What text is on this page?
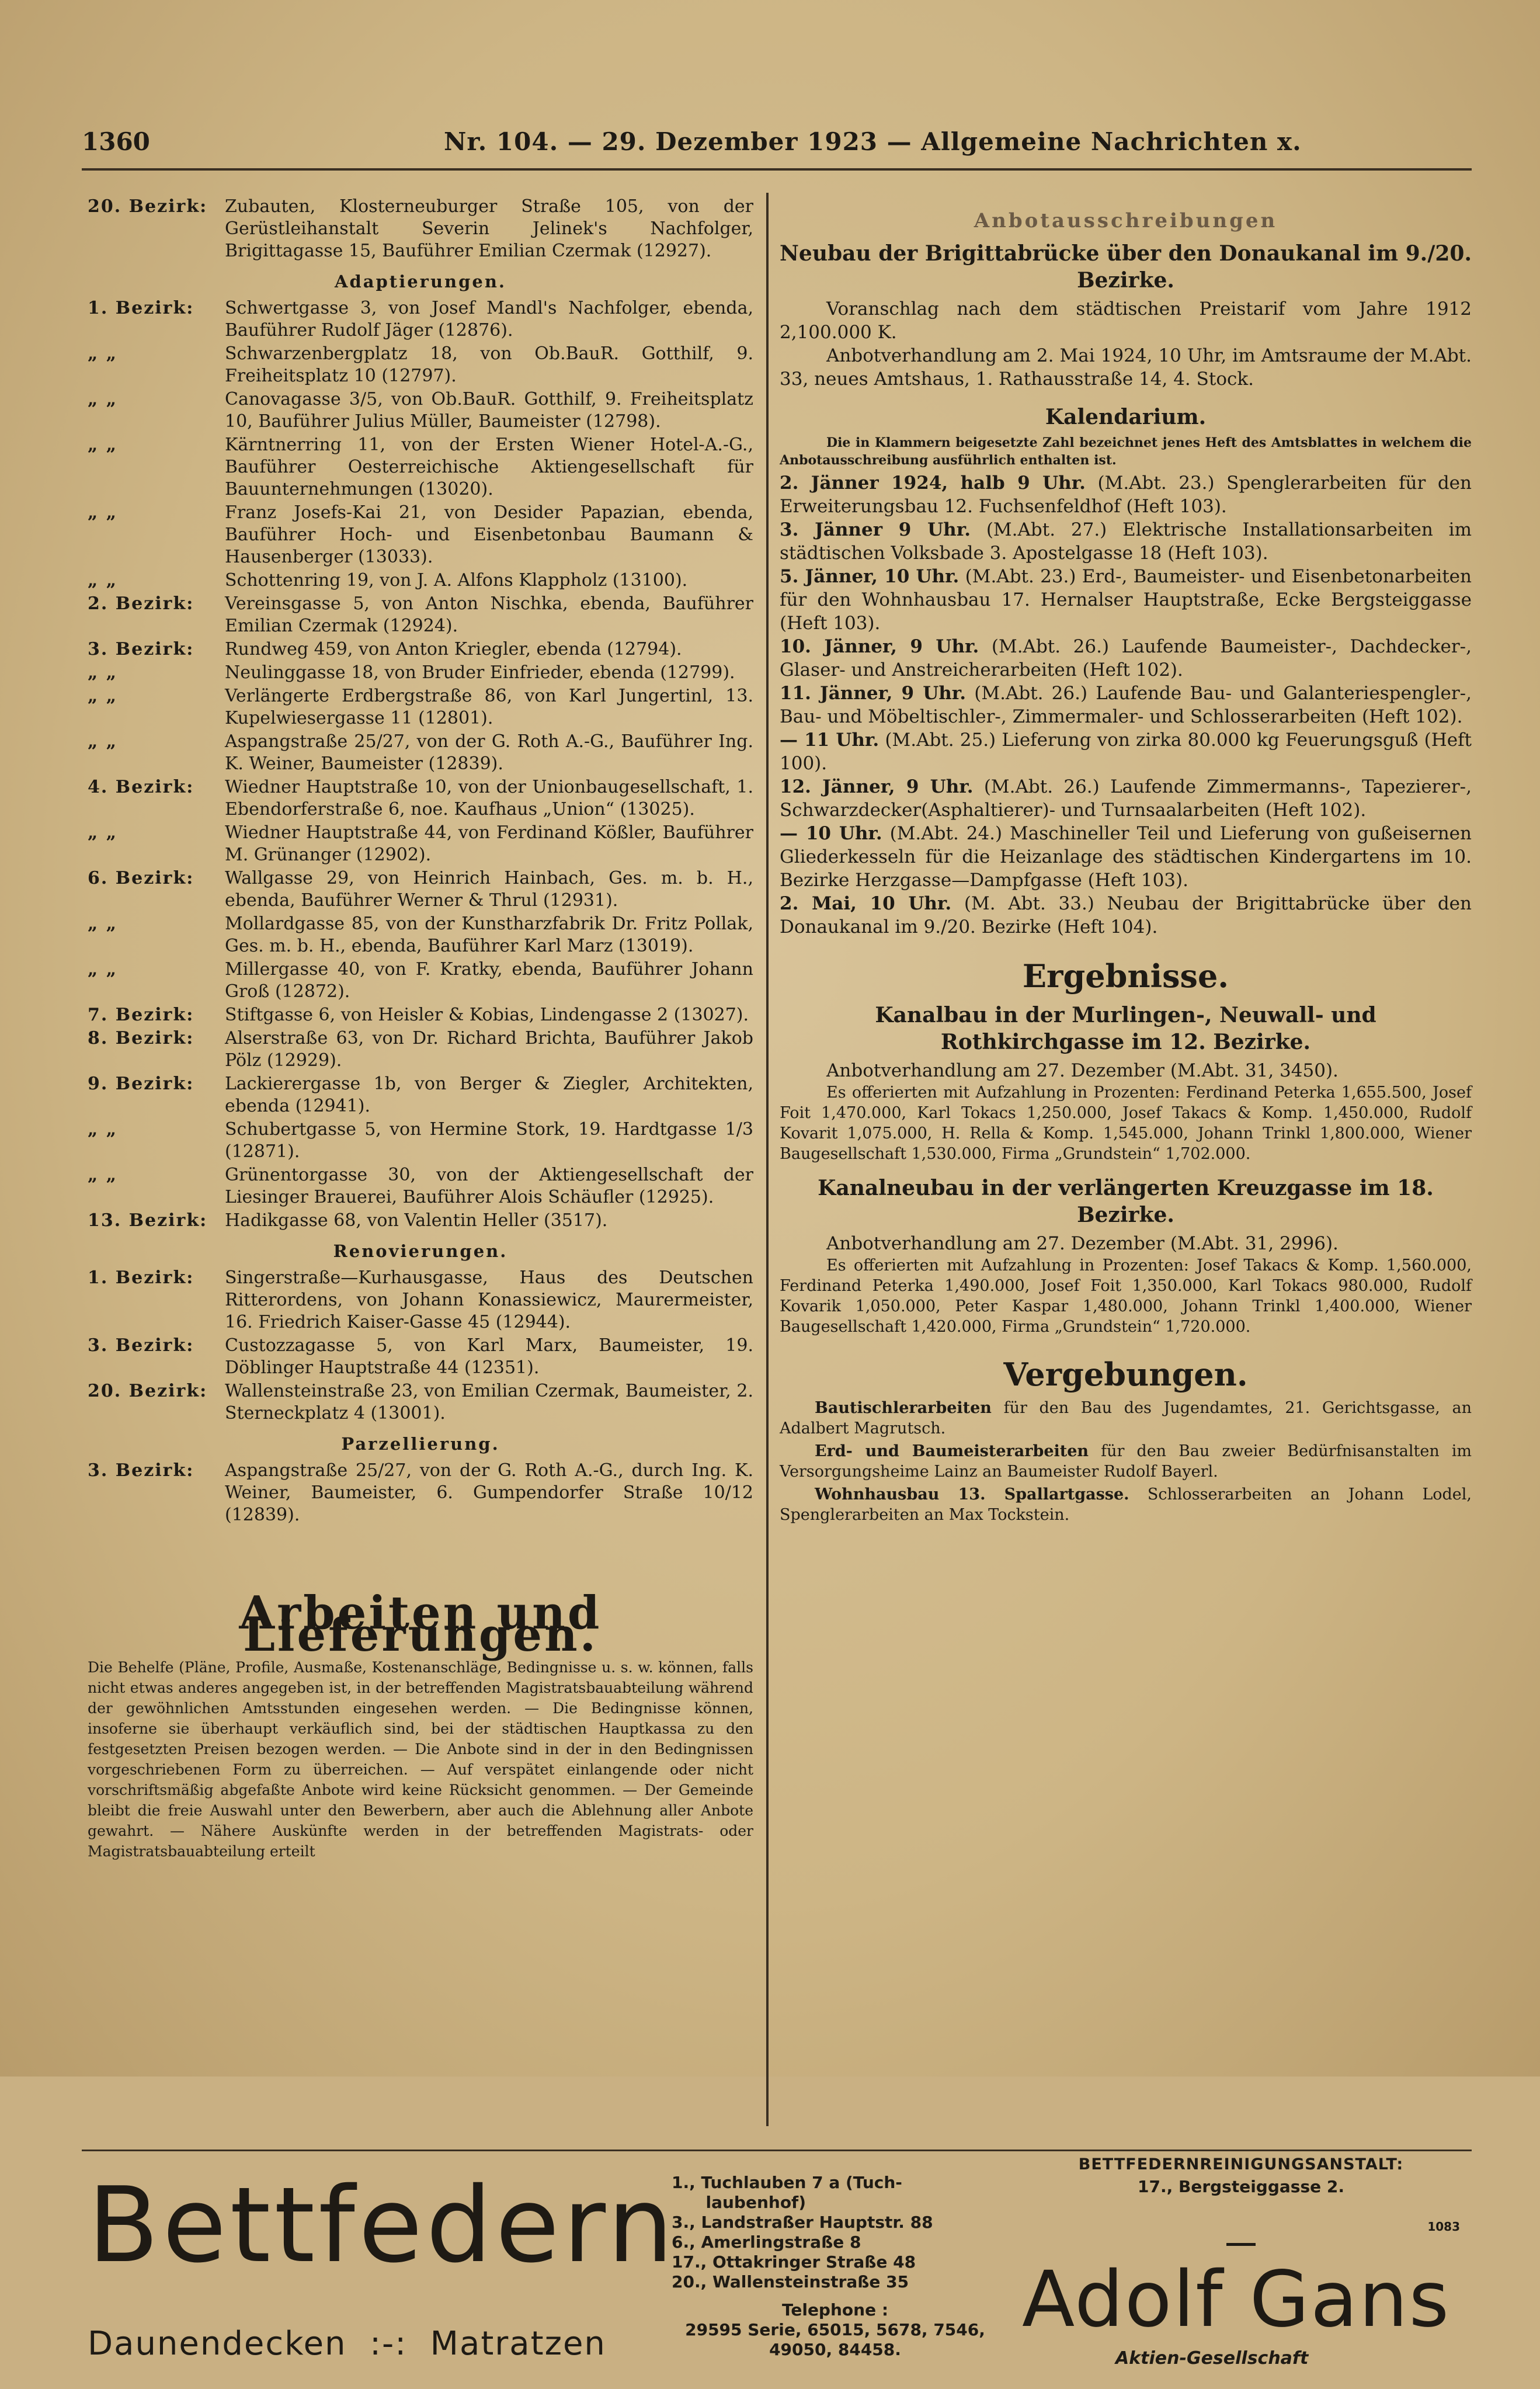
1360	Nr. 104. — 29. Dezember 1923 — Allgemeine Nachrichten x.
20. Bezirk: Zubauten, Klosterneuburger Straße 105, von der Gerüstleihanstalt Severin Jelinek's Nachfolger, Brigittagasse 15, Bauführer Emilian Czermak (12927).
Adaptierungen.
1. Bezirk:	Schwertgasse 3, von Josef Mandl's Nachfolger, ebenda, Bauführer Rudolf Jäger (12876).
„ „	Schwarzenbergplatz 18, von Ob.BauR. Gotthilf, 9. Freiheitsplatz 10 (12797).
„ „	Canovagasse 3/5, von Ob.BauR. Gotthilf, 9. Freiheitsplatz 10, Bauführer Julius Müller, Baumeister (12798).
„ „	Kärntnerring 11, von der Ersten Wiener Hotel-A.-G., Bauführer Oesterreichische Aktiengesellschaft für Bauunternehmungen (13020).
„ „	Franz Josefs-Kai 21, von Desider Papazian, ebenda, Bauführer Hoch- und Eisenbetonbau Baumann & Hausenberger (13033).
„ „	Schottenring 19, von J. A. Alfons Klappholz (13100).
2. Bezirk:	Vereinsgasse 5, von Anton Nischka, ebenda, Bauführer Emilian Czermak (12924).
3. Bezirk:	Rundweg 459, von Anton Kriegler, ebenda (12794).
„ „	Neulinggasse 18, von Bruder Einfrieder, ebenda (12799).
„ „	Verlängerte Erdbergstraße 86, von Karl Jungertinl, 13. Kupelwiesergasse 11 (12801).
„ „	Aspangstraße 25/27, von der G. Roth A.-G., Bauführer Ing. K. Weiner, Baumeister (12839).
4. Bezirk:	Wiedner Hauptstraße 10, von der Unionbaugesellschaft, 1. Ebendorferstraße 6, noe. Kaufhaus „Union“ (13025).
„ „	Wiedner Hauptstraße 44, von Ferdinand Kößler, Bauführer M. Grünanger (12902).
6. Bezirk:	Wallgasse 29, von Heinrich Hainbach, Ges. m. b. H., ebenda, Bauführer Werner & Thrul (12931).
„ „	Mollardgasse 85, von der Kunstharzfabrik Dr. Fritz Pollak, Ges. m. b. H., ebenda, Bauführer Karl Marz (13019).
„ „	Millergasse 40, von F. Kratky, ebenda, Bauführer Johann Groß (12872).
7. Bezirk:	Stiftgasse 6, von Heisler & Kobias, Lindengasse 2 (13027).
8. Bezirk:	Alserstraße 63, von Dr. Richard Brichta, Bauführer Jakob Pölz (12929).
9. Bezirk:	Lackierergasse 1b, von Berger & Ziegler, Architekten, ebenda (12941).
„ „	Schubertgasse 5, von Hermine Stork, 19. Hardtgasse 1/3 (12871).
„ „	Grünentorgasse 30, von der Aktiengesellschaft der Liesinger Brauerei, Bauführer Alois Schäufler (12925).
13. Bezirk: Hadikgasse 68, von Valentin Heller (3517).
Renovierungen.
1. Bezirk:	Singerstraße—Kurhausgasse, Haus des Deutschen Ritterordens, von Johann Konassiewicz, Maurermeister, 16. Friedrich Kaiser-Gasse 45 (12944).
3. Bezirk:	Custozzagasse 5, von Karl Marx, Baumeister, 19. Döblinger Hauptstraße 44 (12351).
20. Bezirk: Wallensteinstraße 23, von Emilian Czermak, Baumeister, 2. Sterneckplatz 4 (13001).
Parzellierung.
3. Bezirk:	Aspangstraße 25/27, von der G. Roth A.-G., durch Ing. K. Weiner, Baumeister, 6. Gumpendorfer Straße 10/12 (12839).
Arbeiten und Lieferungen.
Die Behelfe (Pläne, Profile, Ausmaße, Kostenanschläge, Bedingnisse u. s. w. können, falls nicht etwas anderes angegeben ist, in der betreffenden Magistratsbauabteilung während der gewöhnlichen Amtsstunden eingesehen werden. — Die Bedingnisse können, insoferne sie überhaupt verkäuflich sind, bei der städtischen Hauptkassa zu den festgesetzten Preisen bezogen werden. — Die Anbote sind in der in den Bedingnissen vorgeschriebenen Form zu überreichen. — Auf verspätet einlangende oder nicht vorschriftsmäßig abgefaßte Anbote wird keine Rücksicht genommen. — Der Gemeinde bleibt die freie Auswahl unter den Bewerbern, aber auch die Ablehnung aller Anbote gewahrt. — Nähere Auskünfte werden in der betreffenden Magistrats- oder Magistratsbauabteilung erteilt
Anbotausschreibungen
Neubau der Brigittabrücke über den Donaukanal im 9./20. Bezirke.
Voranschlag nach dem städtischen Preistarif vom Jahre 1912 2,100.000 K.
Anbotverhandlung am 2. Mai 1924, 10 Uhr, im Amtsraume der M.Abt. 33, neues Amtshaus, 1. Rathausstraße 14, 4. Stock.
Kalendarium.
Die in Klammern beigesetzte Zahl bezeichnet jenes Heft des Amtsblattes in welchem die Anbotausschreibung ausführlich enthalten ist.
2. Jänner 1924, halb 9 Uhr. (M.Abt. 23.) Spenglerarbeiten für den Erweiterungsbau 12. Fuchsenfeldhof (Heft 103).
3. Jänner 9 Uhr. (M.Abt. 27.) Elektrische Installationsarbeiten im städtischen Volksbade 3. Apostelgasse 18 (Heft 103).
5. Jänner, 10 Uhr. (M.Abt. 23.) Erd-, Baumeister- und Eisenbetonarbeiten für den Wohnhausbau 17. Hernalser Hauptstraße, Ecke Bergsteiggasse (Heft 103).
10. Jänner, 9 Uhr. (M.Abt. 26.) Laufende Baumeister-, Dachdecker-, Glaser- und Anstreicherarbeiten (Heft 102).
11. Jänner, 9 Uhr. (M.Abt. 26.) Laufende Bau- und Galanteriespengler-, Bau- und Möbeltischler-, Zimmermaler- und Schlosserarbeiten (Heft 102).
— 11 Uhr. (M.Abt. 25.) Lieferung von zirka 80.000 kg Feuerungsguß (Heft 100).
12. Jänner, 9 Uhr. (M.Abt. 26.) Laufende Zimmermanns-, Tapezierer-, Schwarzdecker(Asphaltierer)- und Turnsaalarbeiten (Heft 102).
— 10 Uhr. (M.Abt. 24.) Maschineller Teil und Lieferung von gußeisernen Gliederkesseln für die Heizanlage des städtischen Kindergartens im 10. Bezirke Herzgasse—Dampfgasse (Heft 103).
2. Mai, 10 Uhr. (M. Abt. 33.) Neubau der Brigittabrücke über den Donaukanal im 9./20. Bezirke (Heft 104).
Ergebnisse.
Kanalbau in der Murlingen-, Neuwall- und Rothkirchgasse im 12. Bezirke.
Anbotverhandlung am 27. Dezember (M.Abt. 31, 3450).
Es offerierten mit Aufzahlung in Prozenten: Ferdinand Peterka 1,655.500, Josef Foit 1,470.000, Karl Tokacs 1,250.000, Josef Takacs & Komp. 1,450.000, Rudolf Kovarit 1,075.000, H. Rella & Komp. 1,545.000, Johann Trinkl 1,800.000, Wiener Baugesellschaft 1,530.000, Firma „Grundstein“ 1,702.000.
Kanalneubau in der verlängerten Kreuzgasse im 18. Bezirke.
Anbotverhandlung am 27. Dezember (M.Abt. 31, 2996).
Es offerierten mit Aufzahlung in Prozenten: Josef Takacs & Komp. 1,560.000, Ferdinand Peterka 1,490.000, Josef Foit 1,350.000, Karl Tokacs 980.000, Rudolf Kovarik 1,050.000, Peter Kaspar 1,480.000, Johann Trinkl 1,400.000, Wiener Baugesellschaft 1,420.000, Firma „Grundstein“ 1,720.000.
Vergebungen.
Bautischlerarbeiten für den Bau des Jugendamtes, 21. Gerichtsgasse, an Adalbert Magrutsch.
Erd- und Baumeisterarbeiten für den Bau zweier Bedürfnisanstalten im Versorgungsheime Lainz an Baumeister Rudolf Bayerl.
Wohnhausbau 13. Spallartgasse. Schlosserarbeiten an Johann Lodel, Spenglerarbeiten an Max Tockstein.
Bettfedern
Daunendecken  :-:  Matratzen
1., Tuchlauben 7 a (Tuch-
laubenhof)
3., Landstraßer Hauptstr. 88
6., Amerlingstraße 8
17., Ottakringer Straße 48
20., Wallensteinstraße 35
Telephone :
29595 Serie, 65015, 5678, 7546, 49050, 84458.
BETTFEDERNREINIGUNGSANSTALT:
17., Bergsteiggasse 2.
1083
Adolf Gans
Aktien-Gesellschaft
